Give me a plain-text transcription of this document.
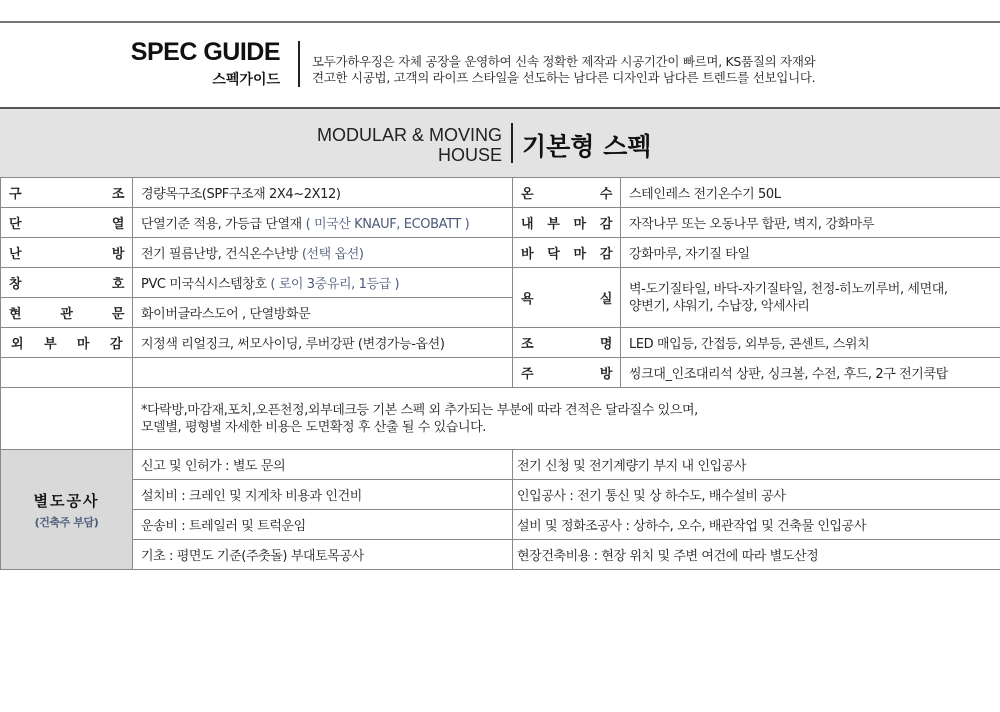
SPEC GUIDE
스펙가이드
모두가하우징은 자체 공장을 운영하여 신속 정확한 제작과 시공기간이 빠르며, KS품질의 자재와
견고한 시공법, 고객의 라이프 스타일을 선도하는 남다른 디자인과 남다른 트렌드를 선보입니다.
MODULAR & MOVING
HOUSE 기본형 스펙
구 조	경량목구조(SPF구조재 2X4~2X12)	온 수	스테인레스 전기온수기 50L
단 열	단열기준 적용, 가등급 단열재 ( 미국산 KNAUF, ECOBATT )	내 부 마 감	자작나무 또는 오동나무 합판, 벽지, 강화마루
난 방	전기 필름난방, 건식온수난방 (선택 옵션)	바 닥 마 감	강화마루, 자기질 타일
창 호	PVC 미국식시스템창호 ( 로이 3중유리, 1등급 )	욕 실	벽-도기질타일, 바닥-자기질타일, 천정-히노끼루버, 세면대,
양변기, 샤워기, 수납장, 악세사리

현 관 문	화이버글라스도어 , 단열방화문		
외 부 마 감	지정색 리얼징크, 써모사이딩, 루버강판 (변경가능-옵션)	조 명	LED 매입등, 간접등, 외부등, 콘센트, 스위치
		주 방	씽크대_인조대리석 상판, 싱크볼, 수전, 후드, 2구 전기쿡탑

	*다락방,마감재,포치,오픈천정,외부데크등 기본 스펙 외 추가되는 부분에 따라 견적은 달라질수 있으며,
모델별, 평형별 자세한 비용은 도면확정 후 산출 될 수 있습니다.		

별도공사
(건축주 부담)	신고 및 인허가 : 별도 문의	전기 신청 및 전기계량기 부지 내 인입공사	
	설치비 : 크레인 및 지게차 비용과 인건비	인입공사 : 전기 통신 및 상 하수도, 배수설비 공사	
	운송비 : 트레일러 및 트럭운임	설비 및 정화조공사 : 상하수, 오수, 배관작업 및 건축물 인입공사	
	기초 : 평면도 기준(주춧돌) 부대토목공사	현장건축비용 : 현장 위치 및 주변 여건에 따라 별도산정	
